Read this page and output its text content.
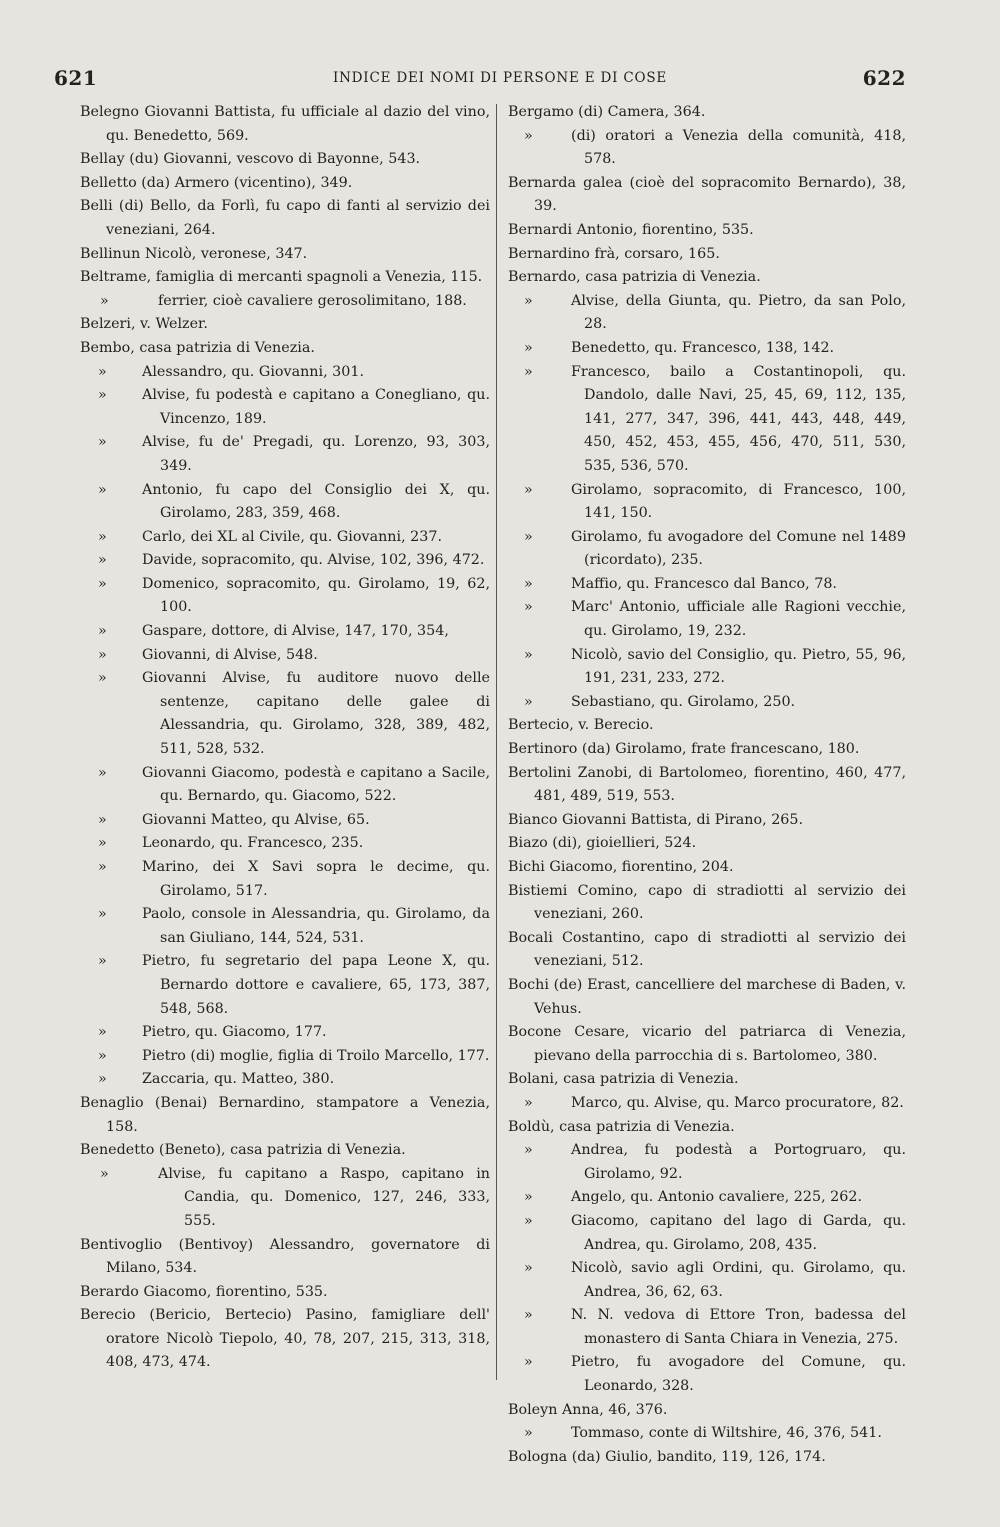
621	INDICE DEI NOMI DI PERSONE E DI COSE	622

Belegno Giovanni Battista, fu ufficiale al dazio del vino, qu. Benedetto, 569.

Bellay (du) Giovanni, vescovo di Bayonne, 543.

Belletto (da) Armero (vicentino), 349.

Belli (di) Bello, da Forlì, fu capo di fanti al servizio dei veneziani, 264.

Bellinun Nicolò, veronese, 347.

Beltrame, famiglia di mercanti spagnoli a Venezia, 115.

»	ferrier, cioè cavaliere gerosolimitano, 188.

Belzeri, v. Welzer.

Bembo, casa patrizia di Venezia.

» Alessandro, qu. Giovanni, 301.

» Alvise, fu podestà e capitano a Conegliano, qu. Vincenzo, 189.

» Alvise, fu de' Pregadi, qu. Lorenzo, 93, 303, 349.

» Antonio, fu capo del Consiglio dei X, qu. Girolamo, 283, 359, 468.

» Carlo, dei XL al Civile, qu. Giovanni, 237.

» Davide, sopracomito, qu. Alvise, 102, 396, 472.

» Domenico, sopracomito, qu. Girolamo, 19, 62, 100.

» Gaspare, dottore, di Alvise, 147, 170, 354,

» Giovanni, di Alvise, 548.

» Giovanni Alvise, fu auditore nuovo delle sentenze, capitano delle galee di Alessandria, qu. Girolamo, 328, 389, 482, 511, 528, 532.

» Giovanni Giacomo, podestà e capitano a Sacile, qu. Bernardo, qu. Giacomo, 522.

» Giovanni Matteo, qu Alvise, 65.

» Leonardo, qu. Francesco, 235.

» Marino, dei X Savi sopra le decime, qu. Girolamo, 517.

» Paolo, console in Alessandria, qu. Girolamo, da san Giuliano, 144, 524, 531.

» Pietro, fu segretario del papa Leone X, qu. Bernardo dottore e cavaliere, 65, 173, 387, 548, 568.

» Pietro, qu. Giacomo, 177.

» Pietro (di) moglie, figlia di Troilo Marcello, 177.

» Zaccaria, qu. Matteo, 380.

Benaglio (Benai) Bernardino, stampatore a Venezia, 158.

Benedetto (Beneto), casa patrizia di Venezia.

»	Alvise, fu capitano a Raspo, capitano in Candia, qu. Domenico, 127, 246, 333, 555.

Bentivoglio (Bentivoy) Alessandro, governatore di Milano, 534.

Berardo Giacomo, fiorentino, 535.

Berecio (Bericio, Bertecio) Pasino, famigliare dell' oratore Nicolò Tiepolo, 40, 78, 207, 215, 313, 318, 408, 473, 474.

Bergamo (di) Camera, 364.

»	(di) oratori a Venezia della comunità, 418, 578.

Bernarda galea (cioè del sopracomito Bernardo), 38, 39.

Bernardi Antonio, fiorentino, 535.

Bernardino frà, corsaro, 165.

Bernardo, casa patrizia di Venezia.

»	Alvise, della Giunta, qu. Pietro, da san Polo, 28.

»	Benedetto, qu. Francesco, 138, 142.

»	Francesco, bailo a Costantinopoli, qu. Dandolo, dalle Navi, 25, 45, 69, 112, 135, 141, 277, 347, 396, 441, 443, 448, 449, 450, 452, 453, 455, 456, 470, 511, 530, 535, 536, 570.

»	Girolamo, sopracomito, di Francesco, 100, 141, 150.

»	Girolamo, fu avogadore del Comune nel 1489 (ricordato), 235.

»	Maffio, qu. Francesco dal Banco, 78.

»	Marc' Antonio, ufficiale alle Ragioni vecchie, qu. Girolamo, 19, 232.

»	Nicolò, savio del Consiglio, qu. Pietro, 55, 96, 191, 231, 233, 272.

»	Sebastiano, qu. Girolamo, 250.

Bertecio, v. Berecio.

Bertinoro (da) Girolamo, frate francescano, 180.

Bertolini Zanobi, di Bartolomeo, fiorentino, 460, 477, 481, 489, 519, 553.

Bianco Giovanni Battista, di Pirano, 265.

Biazo (di), gioiellieri, 524.

Bichi Giacomo, fiorentino, 204.

Bistiemi Comino, capo di stradiotti al servizio dei veneziani, 260.

Bocali Costantino, capo di stradiotti al servizio dei veneziani, 512.

Bochi (de) Erast, cancelliere del marchese di Baden, v. Vehus.

Bocone Cesare, vicario del patriarca di Venezia, pievano della parrocchia di s. Bartolomeo, 380.

Bolani, casa patrizia di Venezia.

»	Marco, qu. Alvise, qu. Marco procuratore, 82.

Boldù, casa patrizia di Venezia.

»	Andrea, fu podestà a Portogruaro, qu. Girolamo, 92.

»	Angelo, qu. Antonio cavaliere, 225, 262.

»	Giacomo, capitano del lago di Garda, qu. Andrea, qu. Girolamo, 208, 435.

»	Nicolò, savio agli Ordini, qu. Girolamo, qu. Andrea, 36, 62, 63.

»	N. N. vedova di Ettore Tron, badessa del monastero di Santa Chiara in Venezia, 275.

»	Pietro, fu avogadore del Comune, qu. Leonardo, 328.

Boleyn Anna, 46, 376.

»	Tommaso, conte di Wiltshire, 46, 376, 541.

Bologna (da) Giulio, bandito, 119, 126, 174.
